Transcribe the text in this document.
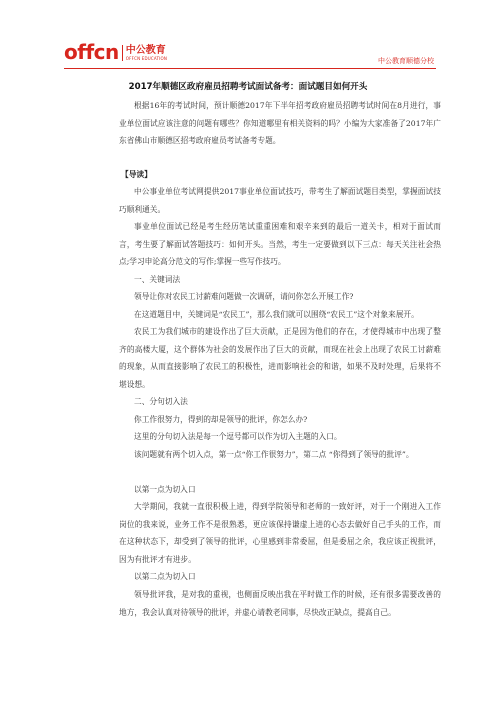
offcn 中公教育
OFFCN EDUCATION	中公教育顺德分校
2017年顺德区政府雇员招聘考试面试备考：面试题目如何开头

根据16年的考试时间，预计顺德2017年下半年招考政府雇员招聘考试时间在8月进行，事业单位面试应该注意的问题有哪些？你知道哪里有相关资料的吗？小编为大家准备了2017年广东省佛山市顺德区招考政府雇员考试备考专题。

【导读】

中公事业单位考试网提供2017事业单位面试技巧，带考生了解面试题目类型，掌握面试技巧顺利通关。

事业单位面试已经是考生经历笔试重重困难和艰辛来到的最后一道关卡，相对于面试而言，考生要了解面试答题技巧：如何开头。当然，考生一定要做到以下三点：每天关注社会热点;学习申论高分范文的写作;掌握一些写作技巧。

一、关键词法

领导让你对农民工讨薪难问题做一次调研，请问你怎么开展工作?

在这道题目中，关键词是“农民工”，那么我们就可以围绕“农民工”这个对象来展开。

农民工为我们城市的建设作出了巨大贡献，正是因为他们的存在，才使得城市中出现了整齐的高楼大厦，这个群体为社会的发展作出了巨大的贡献，而现在社会上出现了农民工讨薪难的现象，从而直接影响了农民工的积极性，进而影响社会的和谐，如果不及时处理，后果将不堪设想。

二、分句切入法

你工作很努力，得到的却是领导的批评，你怎么办?

这里的分句切入法是每一个逗号都可以作为切入主题的入口。

该问题就有两个切入点，第一点“你工作很努力”，第二点 “你得到了领导的批评”。

以第一点为切入口

大学期间，我就一直很积极上进，得到学院领导和老师的一致好评，对于一个刚进入工作岗位的我来说，业务工作不是很熟悉，更应该保持谦虚上进的心态去做好自己手头的工作，而在这种状态下，却受到了领导的批评，心里感到非常委屈，但是委屈之余，我应该正视批评，因为有批评才有进步。

以第二点为切入口

领导批评我，是对我的重视，也侧面反映出我在平时做工作的时候，还有很多需要改善的地方，我会认真对待领导的批评，并虚心请教老同事，尽快改正缺点，提高自己。
